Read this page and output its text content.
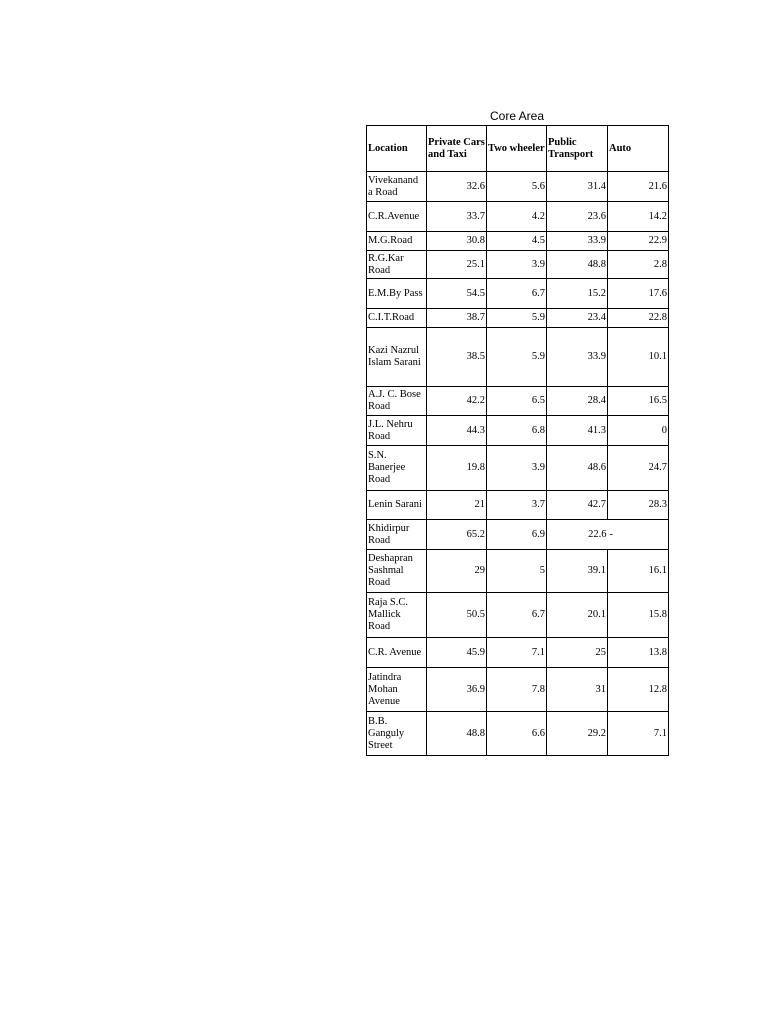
Core Area
Location	Private Cars and Taxi	Two wheeler	Public Transport	Auto
Vivekanand a Road	32.6	5.6	31.4	21.6
C.R.Avenue	33.7	4.2	23.6	14.2
M.G.Road	30.8	4.5	33.9	22.9
R.G.Kar Road	25.1	3.9	48.8	2.8
E.M.By Pass	54.5	6.7	15.2	17.6
C.I.T.Road	38.7	5.9	23.4	22.8
Kazi Nazrul Islam Sarani	38.5	5.9	33.9	10.1
A.J. C. Bose Road	42.2	6.5	28.4	16.5
J.L. Nehru Road	44.3	6.8	41.3	0
S.N. Banerjee Road	19.8	3.9	48.6	24.7
Lenin Sarani	21	3.7	42.7	28.3
Khidirpur Road	65.2	6.9	22.6	-
Deshapran Sashmal Road	29	5	39.1	16.1
Raja S.C. Mallick Road	50.5	6.7	20.1	15.8
C.R. Avenue	45.9	7.1	25	13.8
Jatindra Mohan Avenue	36.9	7.8	31	12.8
B.B. Ganguly Street	48.8	6.6	29.2	7.1
